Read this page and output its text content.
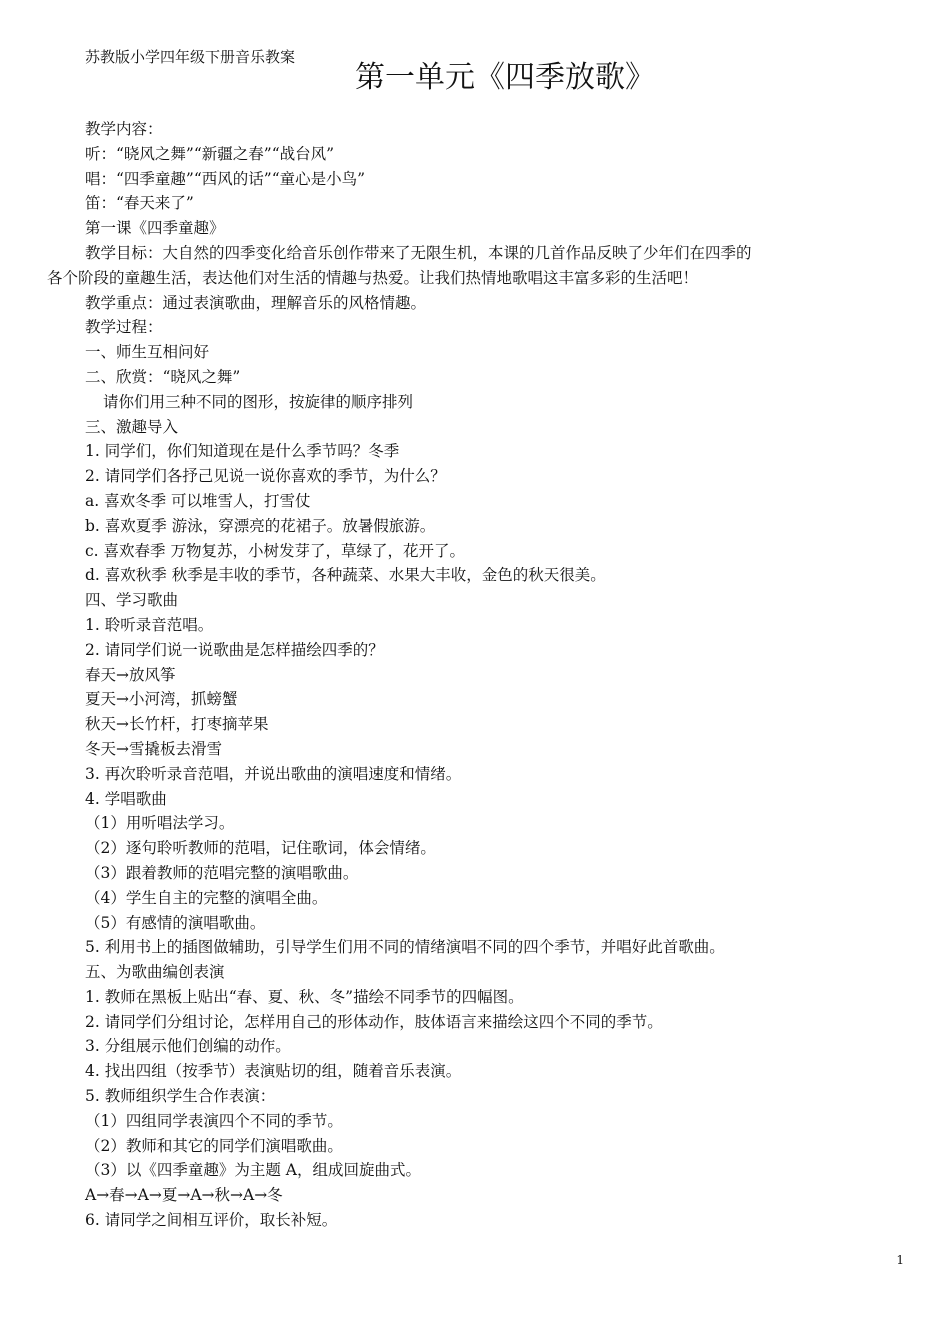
苏教版小学四年级下册音乐教案
第一单元《四季放歌》
教学内容：
听：“晓风之舞”“新疆之春”“战台风”
唱：“四季童趣”“西风的话”“童心是小鸟”
笛：“春天来了”
第一课《四季童趣》
教学目标：大自然的四季变化给音乐创作带来了无限生机，本课的几首作品反映了少年们在四季的
各个阶段的童趣生活，表达他们对生活的情趣与热爱。让我们热情地歌唱这丰富多彩的生活吧！
教学重点：通过表演歌曲，理解音乐的风格情趣。
教学过程：
一、师生互相问好
二、欣赏：“晓风之舞”
请你们用三种不同的图形，按旋律的顺序排列
三、激趣导入
1. 同学们，你们知道现在是什么季节吗？冬季
2. 请同学们各抒己见说一说你喜欢的季节，为什么？
a. 喜欢冬季 可以堆雪人，打雪仗
b. 喜欢夏季 游泳，穿漂亮的花裙子。放暑假旅游。
c. 喜欢春季 万物复苏，小树发芽了，草绿了，花开了。
d. 喜欢秋季 秋季是丰收的季节，各种蔬菜、水果大丰收，金色的秋天很美。
四、学习歌曲
1. 聆听录音范唱。
2. 请同学们说一说歌曲是怎样描绘四季的？
春天→放风筝
夏天→小河湾，抓螃蟹
秋天→长竹杆，打枣摘苹果
冬天→雪撬板去滑雪
3. 再次聆听录音范唱，并说出歌曲的演唱速度和情绪。
4. 学唱歌曲
（1）用听唱法学习。
（2）逐句聆听教师的范唱，记住歌词，体会情绪。
（3）跟着教师的范唱完整的演唱歌曲。
（4）学生自主的完整的演唱全曲。
（5）有感情的演唱歌曲。
5. 利用书上的插图做辅助，引导学生们用不同的情绪演唱不同的四个季节，并唱好此首歌曲。
五、为歌曲编创表演
1. 教师在黑板上贴出“春、夏、秋、冬”描绘不同季节的四幅图。
2. 请同学们分组讨论，怎样用自己的形体动作，肢体语言来描绘这四个不同的季节。
3. 分组展示他们创编的动作。
4. 找出四组（按季节）表演贴切的组，随着音乐表演。
5. 教师组织学生合作表演：
（1）四组同学表演四个不同的季节。
（2）教师和其它的同学们演唱歌曲。
（3）以《四季童趣》为主题 A，组成回旋曲式。
A→春→A→夏→A→秋→A→冬
6. 请同学之间相互评价，取长补短。
1
